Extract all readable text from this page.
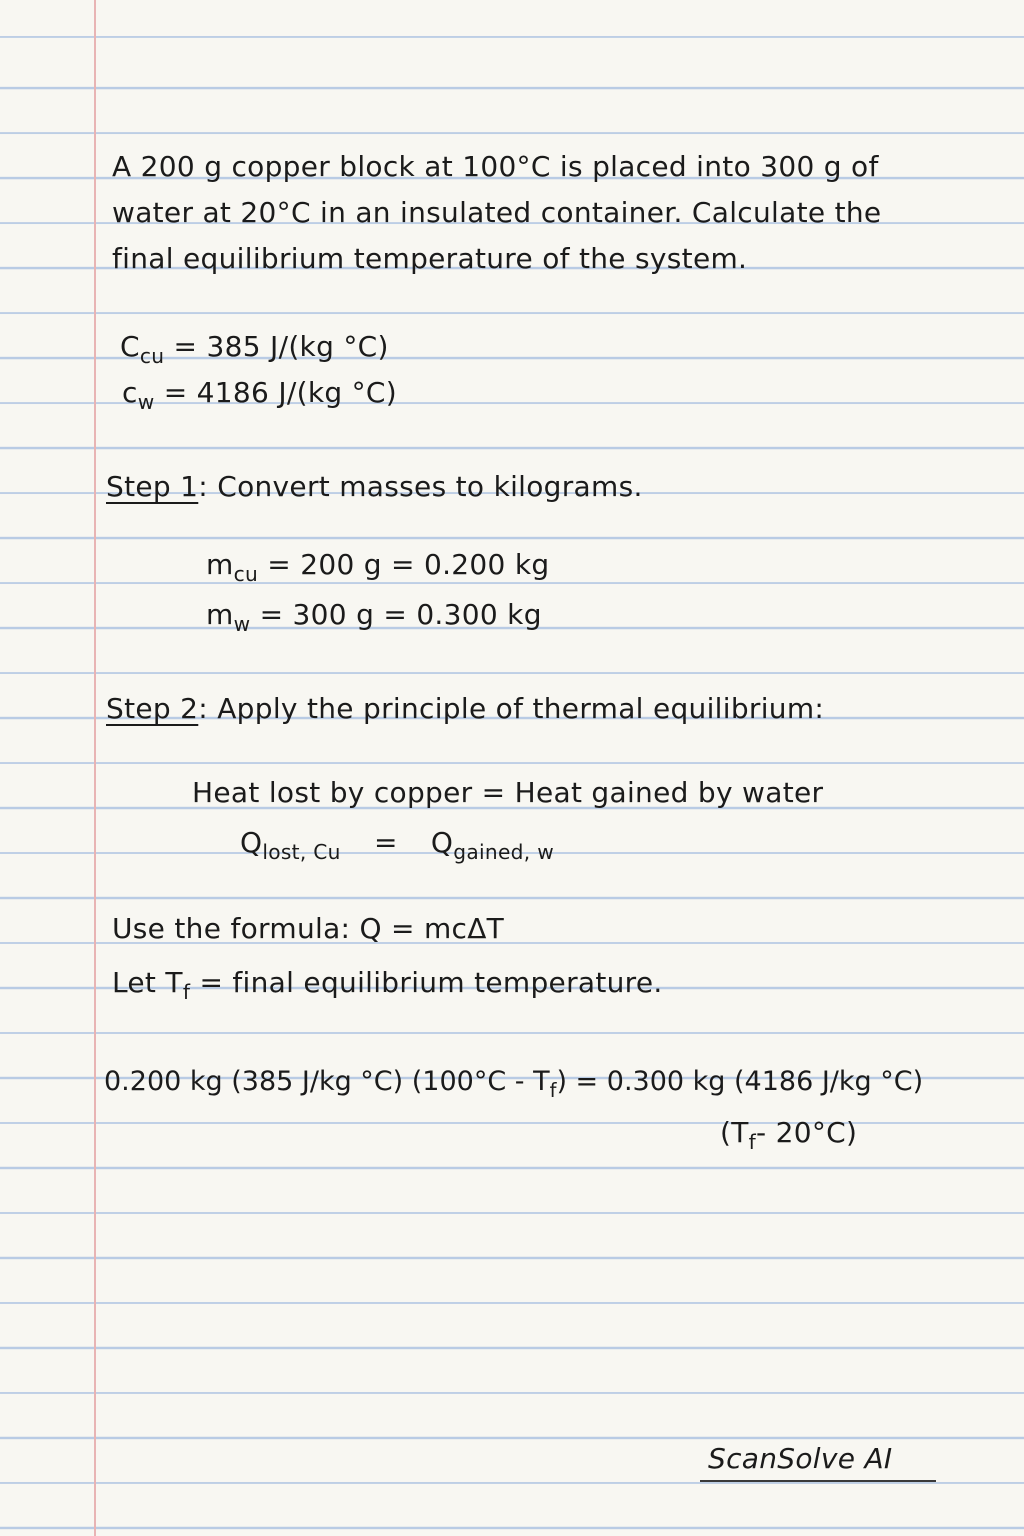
A 200 g copper block at 100°C is placed into 300 g of
water at 20°C in an insulated container. Calculate the
final equilibrium temperature of the system.
$C_{cu} = 385$ J/(kg °C)
$c_w = 4186$ J/(kg °C)
Step 1: Convert masses to kilograms.
$m_{cu} = 200$ g = 0.200 kg
$m_w = 300$ g = 0.300 kg
Step 2: Apply the principle of thermal equilibrium:
Heat lost by copper = Heat gained by water
$Q_{lost, Cu} = Q_{gained, w}$
Use the formula: Q = mcΔT
Let $T_f$ = final equilibrium temperature.
0.200 kg (385 J/kg °C) $(100^\circ C - T_f) = 0.300$ kg (4186 J/kg °C)
($T_f-$ 20°C)
ScanSolve AI
